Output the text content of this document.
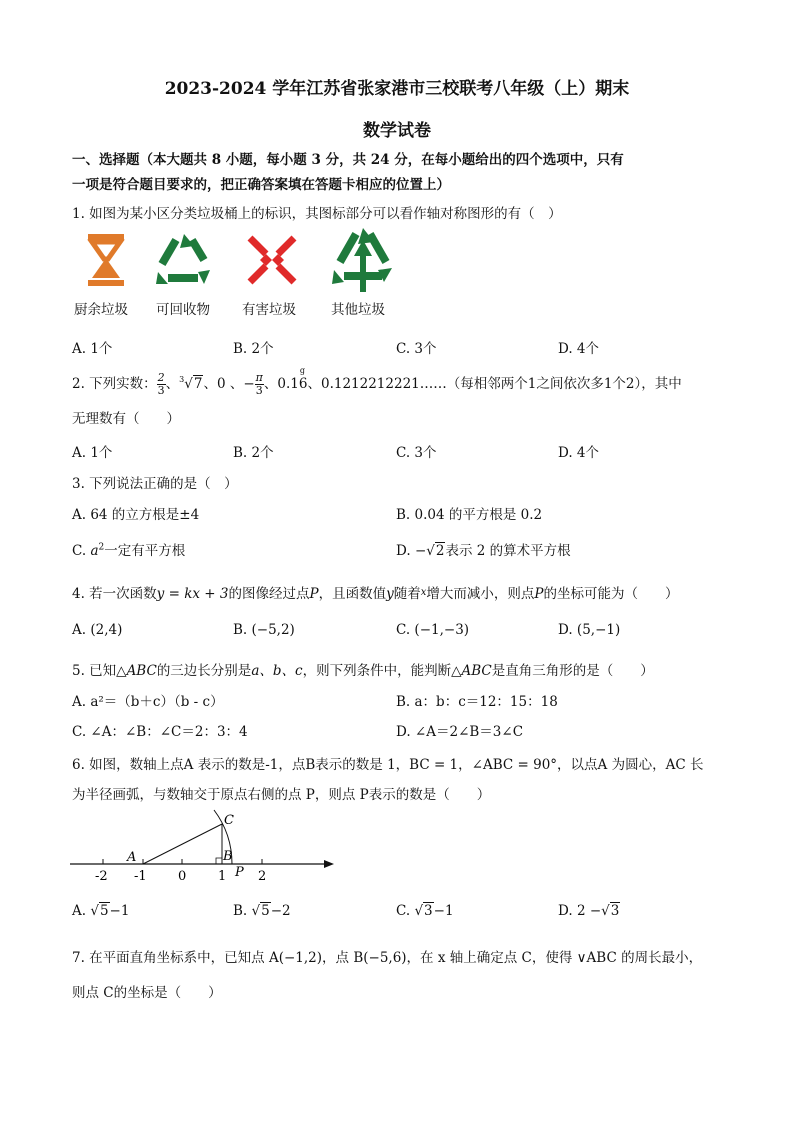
2023-2024 学年江苏省张家港市三校联考八年级（上）期末
数学试卷
一、选择题（本大题共 8 小题，每小题 3 分，共 24 分，在每小题给出的四个选项中，只有
一项是符合题目要求的，把正确答案填在答题卡相应的位置上）
1. 如图为某小区分类垃圾桶上的标识，其图标部分可以看作轴对称图形的有（　）
厨余垃圾 可回收物 有害垃圾	其他垃圾
A. 1个	B. 2个	C. 3个	D. 4个
2. 下列实数： $\frac{2}{3}$ 、$^3$√7、0 、− $\frac{\pi}{3}$ 、0.1
g
6、0.1212212221……（每相邻两个1之间依次多1个2），其中
无理数有（　　）
A. 1个	B. 2个	C. 3个	D. 4个
3. 下列说法正确的是（　）
A. 64 的立方根是±4	B. 0.04 的平方根是 0.2
C. $a^2$一定有平方根	D. −√2表示 2 的算术平方根
4. 若一次函数y = kx + 3的图像经过点P，且函数值y随着$^x$增大而减小，则点P的坐标可能为（　　）
A. (2,4)	B. (−5,2)	C. (−1,−3)	D. (5,−1)
5. 已知△ABC的三边长分别是a、b、c，则下列条件中，能判断△ABC是直角三角形的是（　　）
A. a²＝（b＋c）（b - c）	B. a：b：c＝12：15：18
C. ∠A：∠B：∠C＝2：3：4	D. ∠A＝2∠B＝3∠C
6. 如图，数轴上点A 表示的数是-1，点B表示的数是 1，BC = 1，∠ABC = 90°，以点A 为圆心，AC 长
为半径画弧，与数轴交于原点右侧的点 P，则点 P表示的数是（　　）
A	B
C
P
-2 -1 0 1 2
A. √5−1	B. √5−2	C. √3−1	D. 2 −√3
7. 在平面直角坐标系中，已知点 A(−1,2)，点 B(−5,6)，在 x 轴上确定点 C，使得 ∨ABC 的周长最小，
则点 C的坐标是（　　）
